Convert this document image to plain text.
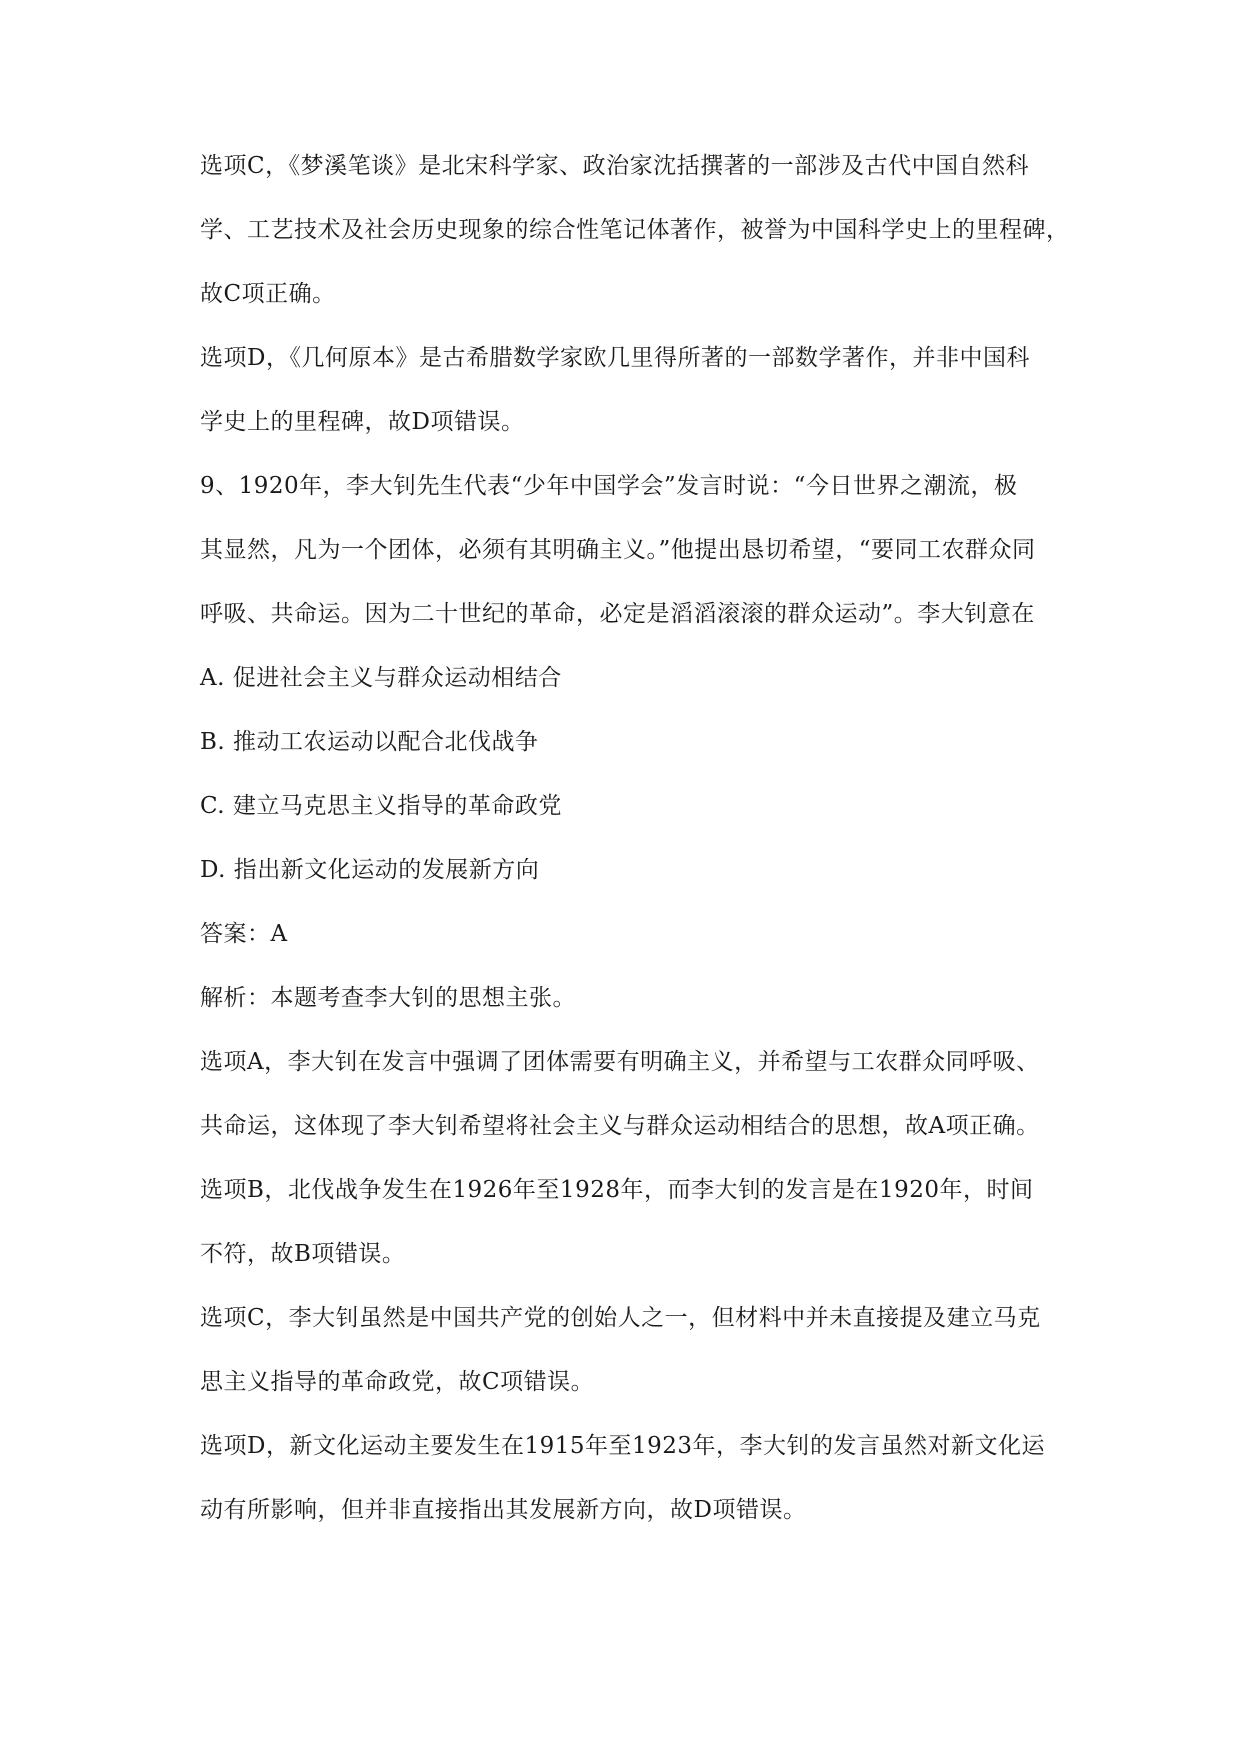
选项C，《梦溪笔谈》是北宋科学家、政治家沈括撰著的一部涉及古代中国自然科
学、工艺技术及社会历史现象的综合性笔记体著作，被誉为中国科学史上的里程碑，
故C项正确。
选项D，《几何原本》是古希腊数学家欧几里得所著的一部数学著作，并非中国科
学史上的里程碑，故D项错误。
9、1920年，李大钊先生代表“少年中国学会”发言时说：“今日世界之潮流，极
其显然，凡为一个团体，必须有其明确主义。”他提出恳切希望，“要同工农群众同
呼吸、共命运。因为二十世纪的革命，必定是滔滔滚滚的群众运动”。李大钊意在
A. 促进社会主义与群众运动相结合
B. 推动工农运动以配合北伐战争
C. 建立马克思主义指导的革命政党
D. 指出新文化运动的发展新方向
答案：A
解析：本题考查李大钊的思想主张。
选项A，李大钊在发言中强调了团体需要有明确主义，并希望与工农群众同呼吸、
共命运，这体现了李大钊希望将社会主义与群众运动相结合的思想，故A项正确。
选项B，北伐战争发生在1926年至1928年，而李大钊的发言是在1920年，时间
不符，故B项错误。
选项C，李大钊虽然是中国共产党的创始人之一，但材料中并未直接提及建立马克
思主义指导的革命政党，故C项错误。
选项D，新文化运动主要发生在1915年至1923年，李大钊的发言虽然对新文化运
动有所影响，但并非直接指出其发展新方向，故D项错误。
